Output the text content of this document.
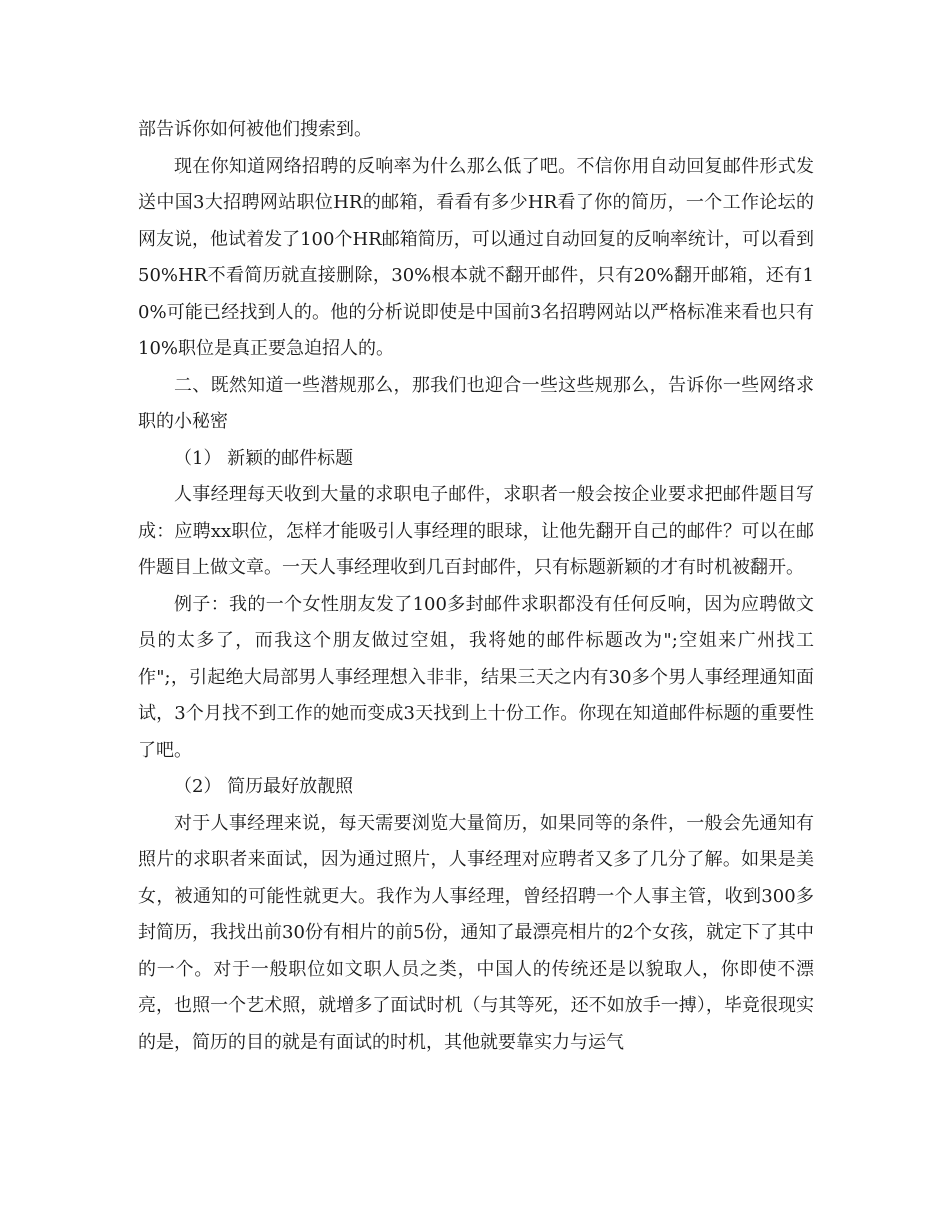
部告诉你如何被他们搜索到。

现在你知道网络招聘的反响率为什么那么低了吧。不信你用自动回复邮件形式发送中国3大招聘网站职位HR的邮箱，看看有多少HR看了你的简历，一个工作论坛的网友说，他试着发了100个HR邮箱简历，可以通过自动回复的反响率统计，可以看到50%HR不看简历就直接删除，30%根本就不翻开邮件，只有20%翻开邮箱，还有10%可能已经找到人的。他的分析说即使是中国前3名招聘网站以严格标准来看也只有10%职位是真正要急迫招人的。

二、既然知道一些潜规那么，那我们也迎合一些这些规那么，告诉你一些网络求职的小秘密

（1） 新颖的邮件标题

人事经理每天收到大量的求职电子邮件，求职者一般会按企业要求把邮件题目写成：应聘xx职位，怎样才能吸引人事经理的眼球，让他先翻开自己的邮件？可以在邮件题目上做文章。一天人事经理收到几百封邮件，只有标题新颖的才有时机被翻开。

例子：我的一个女性朋友发了100多封邮件求职都没有任何反响，因为应聘做文员的太多了，而我这个朋友做过空姐，我将她的邮件标题改为";空姐来广州找工作";，引起绝大局部男人事经理想入非非，结果三天之内有30多个男人事经理通知面试，3个月找不到工作的她而变成3天找到上十份工作。你现在知道邮件标题的重要性了吧。

（2） 简历最好放靓照

对于人事经理来说，每天需要浏览大量简历，如果同等的条件，一般会先通知有照片的求职者来面试，因为通过照片，人事经理对应聘者又多了几分了解。如果是美女，被通知的可能性就更大。我作为人事经理，曾经招聘一个人事主管，收到300多封简历，我找出前30份有相片的前5份，通知了最漂亮相片的2个女孩，就定下了其中的一个。对于一般职位如文职人员之类，中国人的传统还是以貌取人，你即使不漂亮，也照一个艺术照，就增多了面试时机（与其等死，还不如放手一搏），毕竟很现实的是，简历的目的就是有面试的时机，其他就要靠实力与运气
